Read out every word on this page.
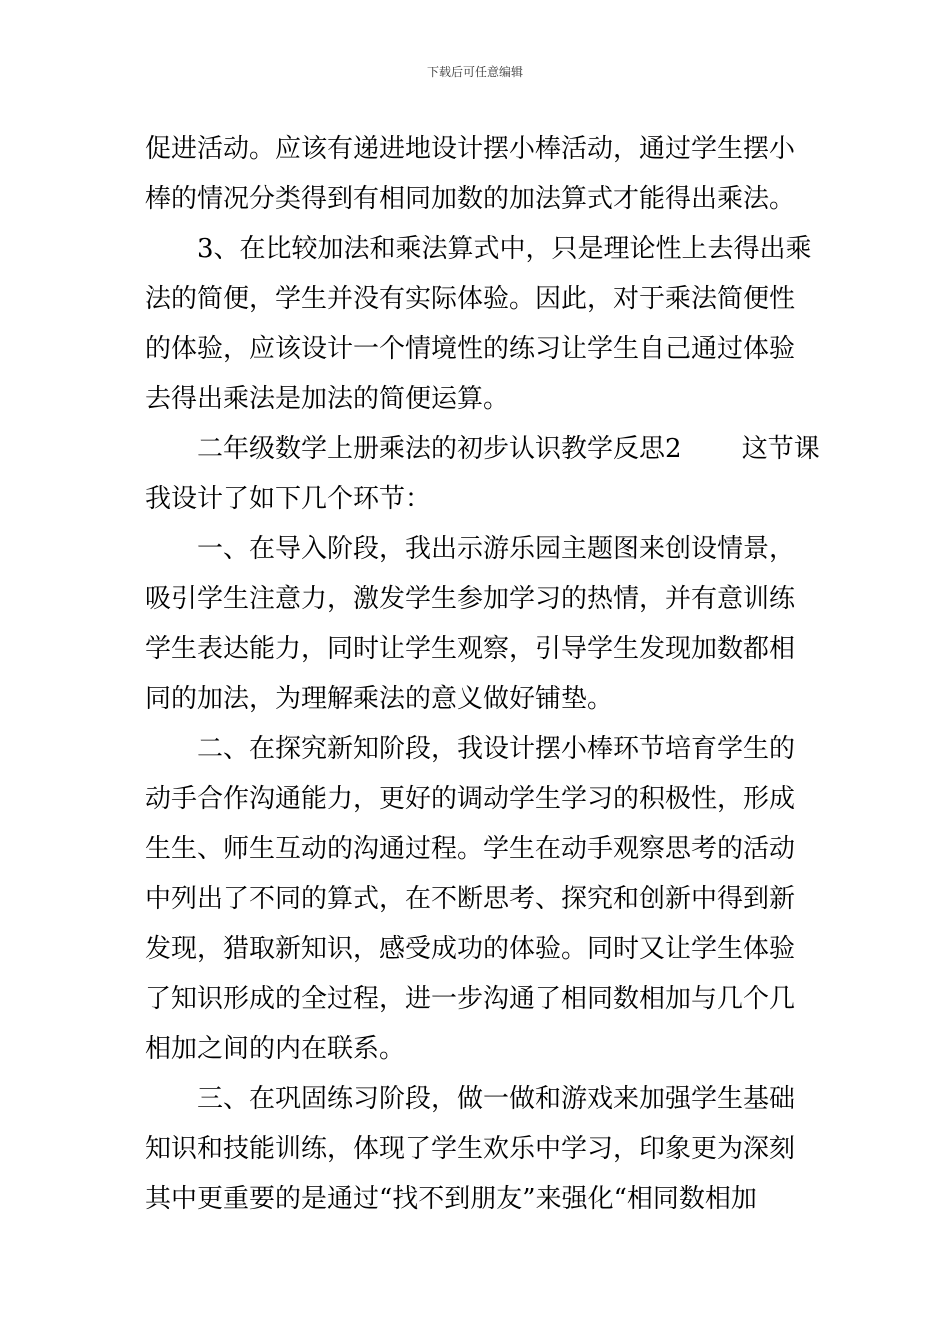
下载后可任意编辑
促进活动。应该有递进地设计摆小棒活动，通过学生摆小
棒的情况分类得到有相同加数的加法算式才能得出乘法。
　　3、在比较加法和乘法算式中，只是理论性上去得出乘
法的简便，学生并没有实际体验。因此，对于乘法简便性
的体验，应该设计一个情境性的练习让学生自己通过体验
去得出乘法是加法的简便运算。
　　二年级数学上册乘法的初步认识教学反思2　　 这节课
我设计了如下几个环节：
　　一、在导入阶段，我出示游乐园主题图来创设情景，
吸引学生注意力，激发学生参加学习的热情，并有意训练
学生表达能力，同时让学生观察，引导学生发现加数都相
同的加法，为理解乘法的意义做好铺垫。
　　二、在探究新知阶段，我设计摆小棒环节培育学生的
动手合作沟通能力，更好的调动学生学习的积极性，形成
生生、师生互动的沟通过程。学生在动手观察思考的活动
中列出了不同的算式，在不断思考、探究和创新中得到新
发现，猎取新知识，感受成功的体验。同时又让学生体验
了知识形成的全过程，进一步沟通了相同数相加与几个几
相加之间的内在联系。
　　三、在巩固练习阶段，做一做和游戏来加强学生基础
知识和技能训练，体现了学生欢乐中学习，印象更为深刻
其中更重要的是通过“找不到朋友”来强化“相同数相加
